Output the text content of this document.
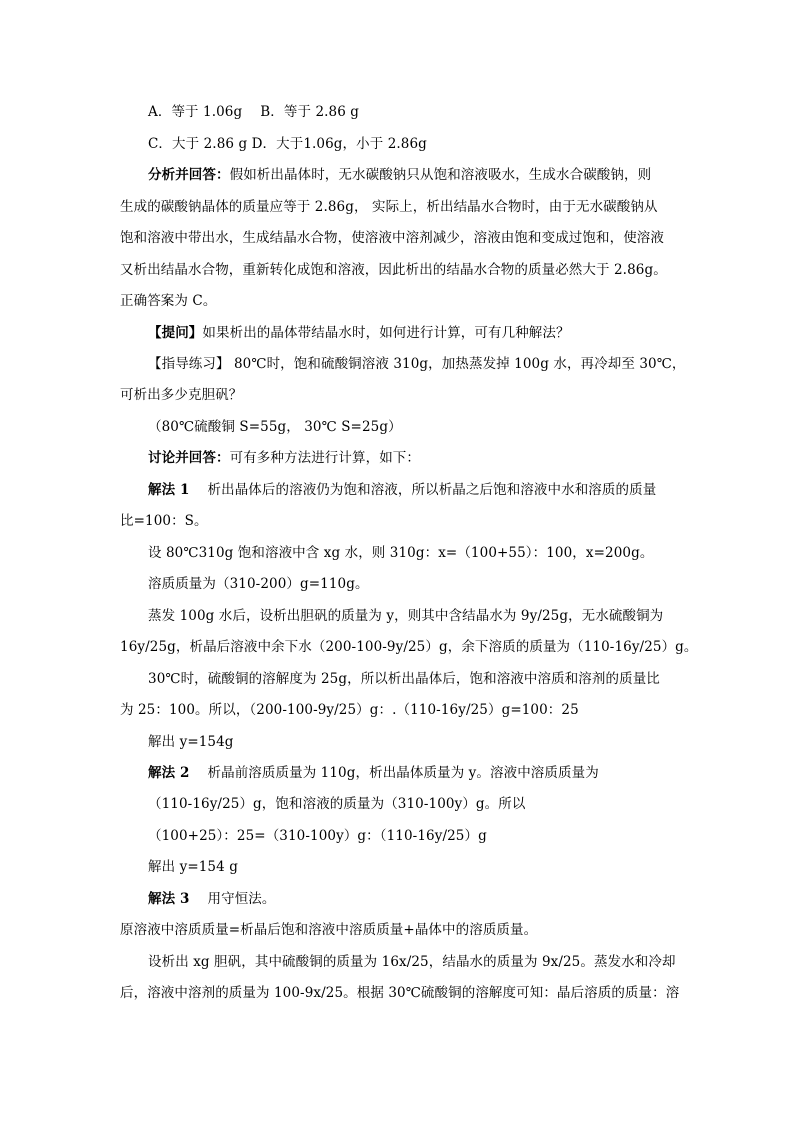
A．等于 1.06g　 B．等于 2.86 g
C．大于 2.86 g D．大于1.06g，小于 2.86g
分析并回答：假如析出晶体时，无水碳酸钠只从饱和溶液吸水，生成水合碳酸钠，则
生成的碳酸钠晶体的质量应等于 2.86g， 实际上，析出结晶水合物时，由于无水碳酸钠从
饱和溶液中带出水，生成结晶水合物，使溶液中溶剂减少，溶液由饱和变成过饱和，使溶液
又析出结晶水合物，重新转化成饱和溶液，因此析出的结晶水合物的质量必然大于 2.86g。
正确答案为 C。
【提问】如果析出的晶体带结晶水时，如何进行计算，可有几种解法？
【指导练习】 80℃时，饱和硫酸铜溶液 310g，加热蒸发掉 100g 水，再冷却至 30℃，
可析出多少克胆矾？
（80℃硫酸铜 S=55g， 30℃ S=25g）
讨论并回答：可有多种方法进行计算，如下：
解法 1　 析出晶体后的溶液仍为饱和溶液，所以析晶之后饱和溶液中水和溶质的质量
比=100：S。
设 80℃310g 饱和溶液中含 xg 水，则 310g：x=（100+55）：100，x=200g。
溶质质量为（310-200）g=110g。
蒸发 100g 水后，设析出胆矾的质量为 y，则其中含结晶水为 9y/25g，无水硫酸铜为
16y/25g，析晶后溶液中余下水（200-100-9y/25）g，余下溶质的质量为（110-16y/25）g。
30℃时，硫酸铜的溶解度为 25g，所以析出晶体后，饱和溶液中溶质和溶剂的质量比
为 25：100。所以，（200-100-9y/25）g：.（110-16y/25）g=100：25
解出 y=154g
解法 2　 析晶前溶质质量为 110g，析出晶体质量为 y。溶液中溶质质量为
（110-16y/25）g，饱和溶液的质量为（310-100y）g。所以
（100+25）：25=（310-100y）g：（110-16y/25）g
解出 y=154 g
解法 3　 用守恒法。
原溶液中溶质质量=析晶后饱和溶液中溶质质量+晶体中的溶质质量。
设析出 xg 胆矾，其中硫酸铜的质量为 16x/25，结晶水的质量为 9x/25。蒸发水和冷却
后，溶液中溶剂的质量为 100-9x/25。根据 30℃硫酸铜的溶解度可知：晶后溶质的质量：溶
